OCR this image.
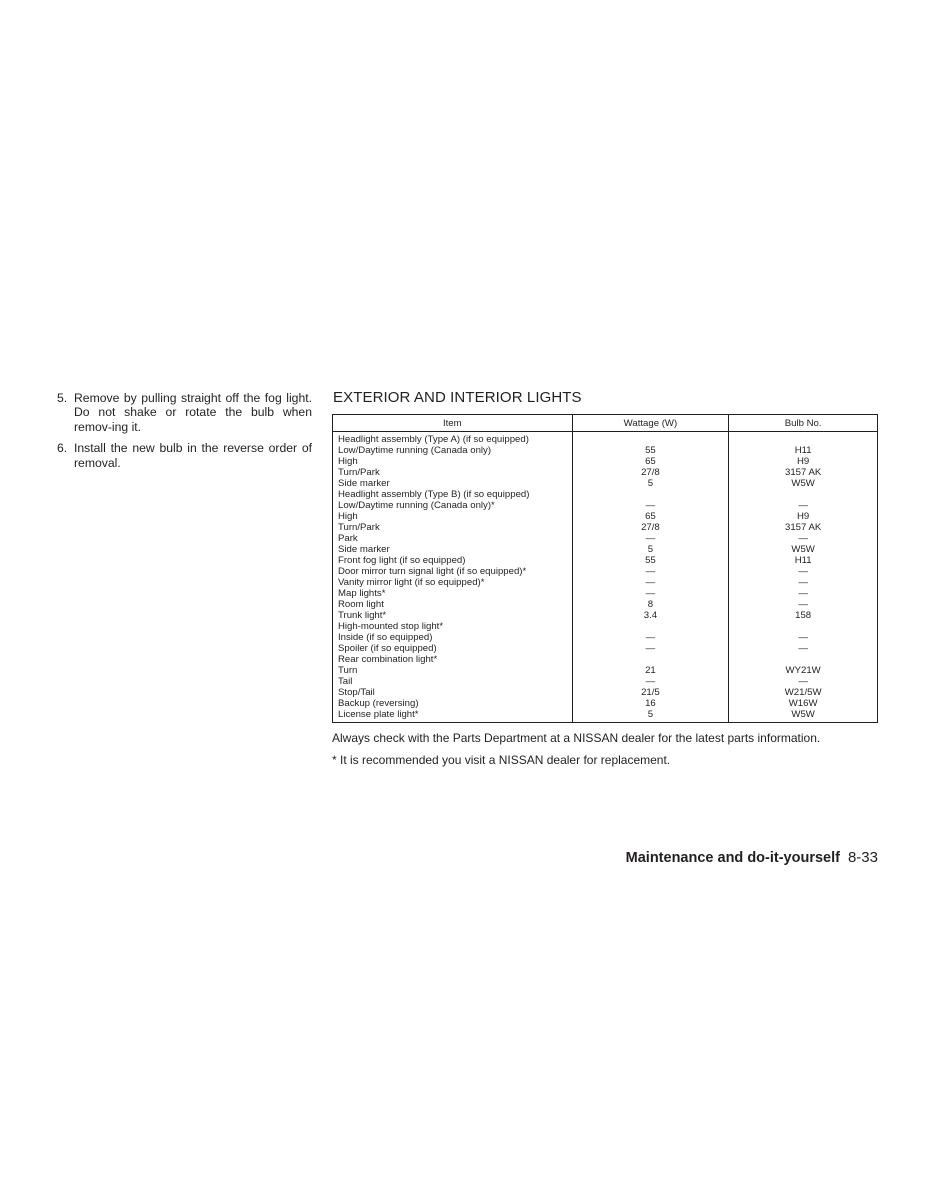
5. Remove by pulling straight off the fog light. Do not shake or rotate the bulb when remov-ing it.
6. Install the new bulb in the reverse order of removal.
EXTERIOR AND INTERIOR LIGHTS
Item	Wattage (W)	Bulb No.
Headlight assembly (Type A) (if so equipped)		
Low/Daytime running (Canada only)	55	H11
High	65	H9
Turn/Park	27/8	3157 AK
Side marker	5	W5W
Headlight assembly (Type B) (if so equipped)		
Low/Daytime running (Canada only)*	—	—
High	65	H9
Turn/Park	27/8	3157 AK
Park	—	—
Side marker	5	W5W
Front fog light (if so equipped)	55	H11
Door mirror turn signal light (if so equipped)*	—	—
Vanity mirror light (if so equipped)*	—	—
Map lights*	—	—
Room light	8	—
Trunk light*	3.4	158
High-mounted stop light*		
Inside (if so equipped)	—	—
Spoiler (if so equipped)	—	—
Rear combination light*		
Turn	21	WY21W
Tail	—	—
Stop/Tail	21/5	W21/5W
Backup (reversing)	16	W16W
License plate light*	5	W5W

Always check with the Parts Department at a NISSAN dealer for the latest parts information.

* It is recommended you visit a NISSAN dealer for replacement.

Maintenance and do-it-yourself 8-33
